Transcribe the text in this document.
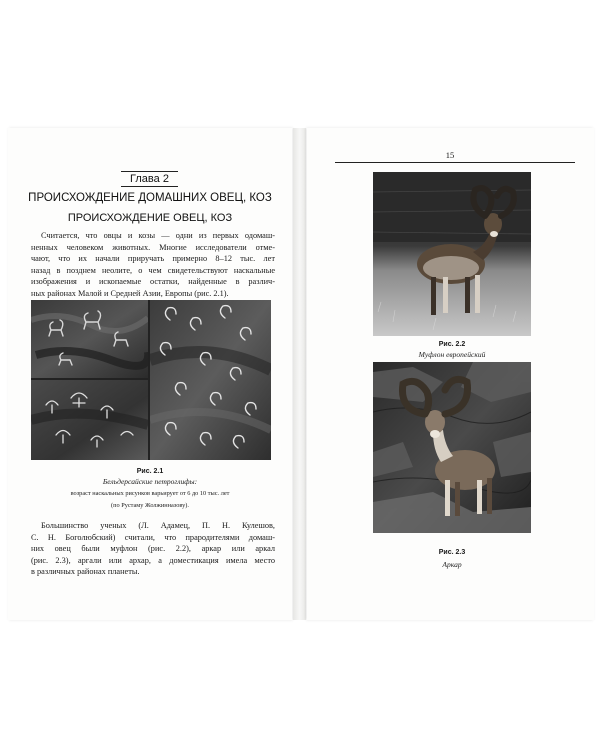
Глава 2
ПРОИСХОЖДЕНИЕ ДОМАШНИХ ОВЕЦ, КОЗ
ПРОИСХОЖДЕНИЕ ОВЕЦ, КОЗ
Считается, что овцы и козы — одни из первых одомаш-
ненных человеком животных. Многие исследователи отме-
чают, что их начали приручать примерно 8–12 тыс. лет
назад в позднем неолите, о чем свидетельствуют наскальные
изображения и ископаемые остатки, найденные в различ-
ных районах Малой и Средней Азии, Европы (рис. 2.1).
Рис. 2.1
Бельдерсайские петроглифы:
возраст наскальных рисунков варьирует от 6 до 10 тыс. лет
(по Рустаму Жолжинназову).
Большинство ученых (Л. Адамец, П. Н. Кулешов,
С. Н. Боголюбский) считали, что прародителями домаш-
них овец были муфлон (рис. 2.2), аркар или аркал
(рис. 2.3), аргали или архар, а доместикация имела место
в различных районах планеты.
15
Рис. 2.2
Муфлон европейский
Рис. 2.3
Аркар
